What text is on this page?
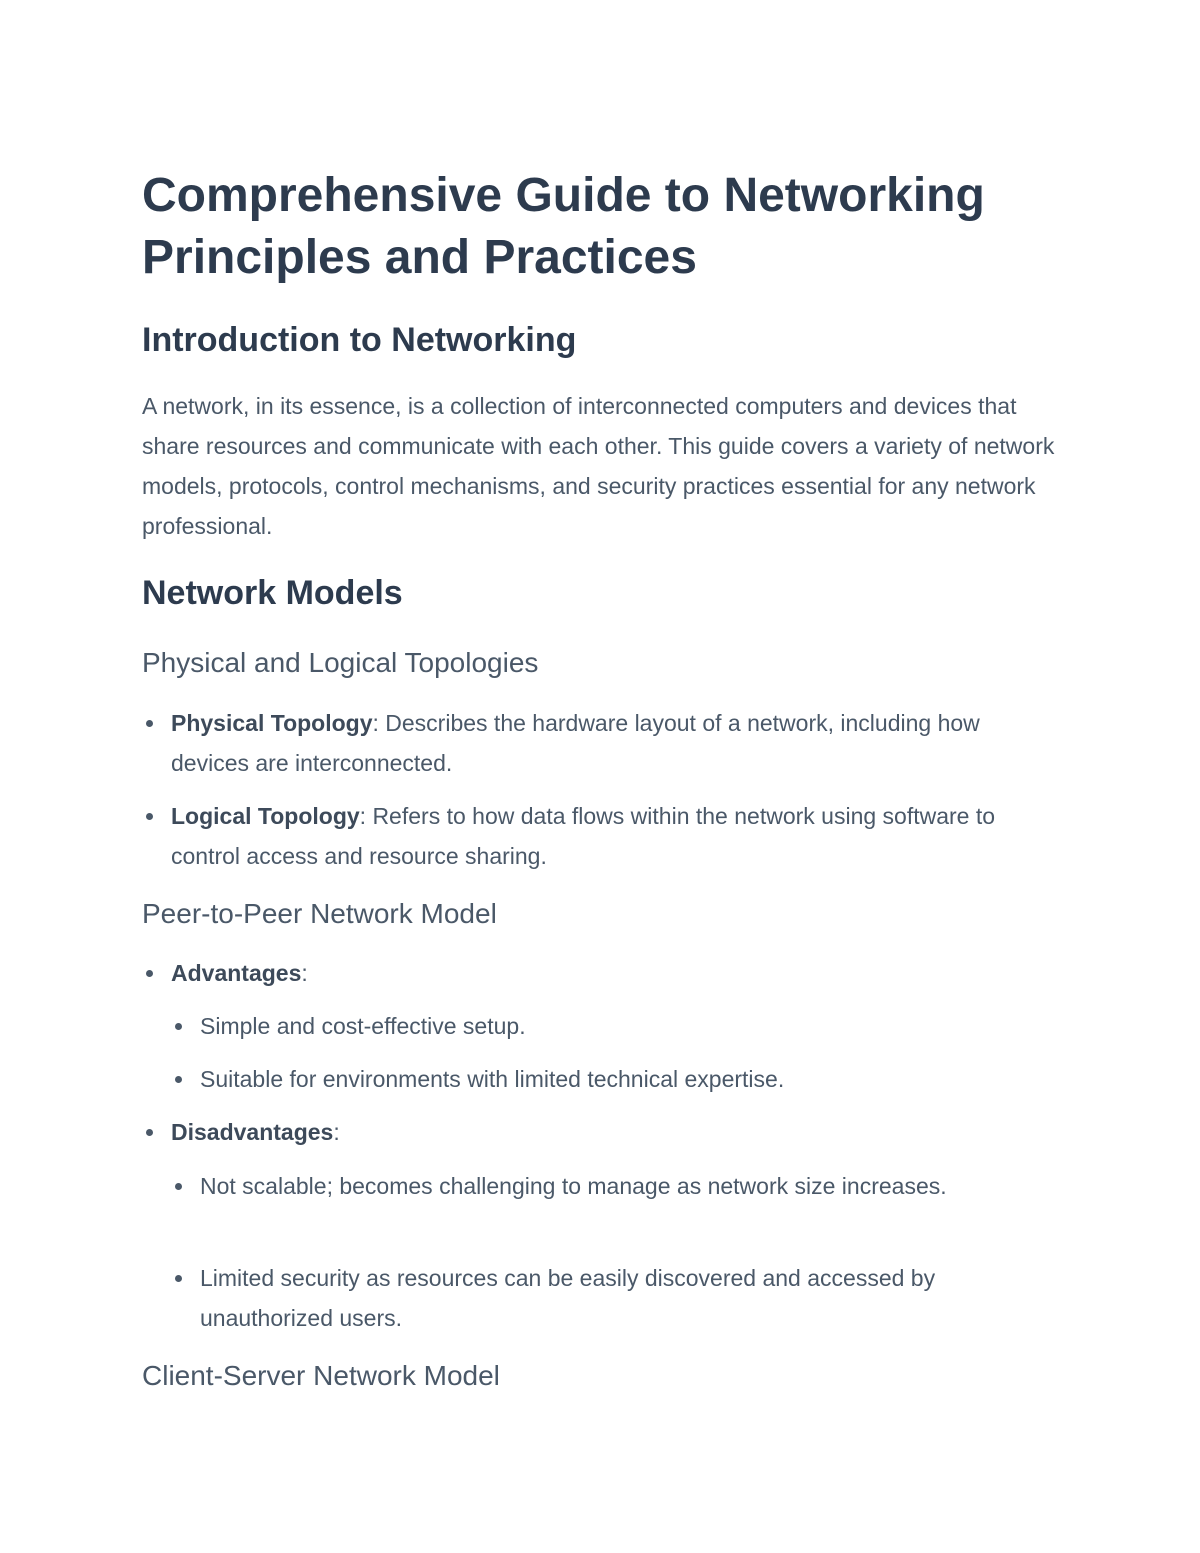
Comprehensive Guide to Networking Principles and Practices
Introduction to Networking

A network, in its essence, is a collection of interconnected computers and devices that share resources and communicate with each other. This guide covers a variety of network models, protocols, control mechanisms, and security practices essential for any network professional.

Network Models
Physical and Logical Topologies
Physical Topology: Describes the hardware layout of a network, including how devices are interconnected.
Logical Topology: Refers to how data flows within the network using software to control access and resource sharing.
Peer-to-Peer Network Model
Advantages:
Simple and cost-effective setup.
Suitable for environments with limited technical expertise.
Disadvantages:
Not scalable; becomes challenging to manage as network size increases.
Limited security as resources can be easily discovered and accessed by unauthorized users.
Client-Server Network Model
